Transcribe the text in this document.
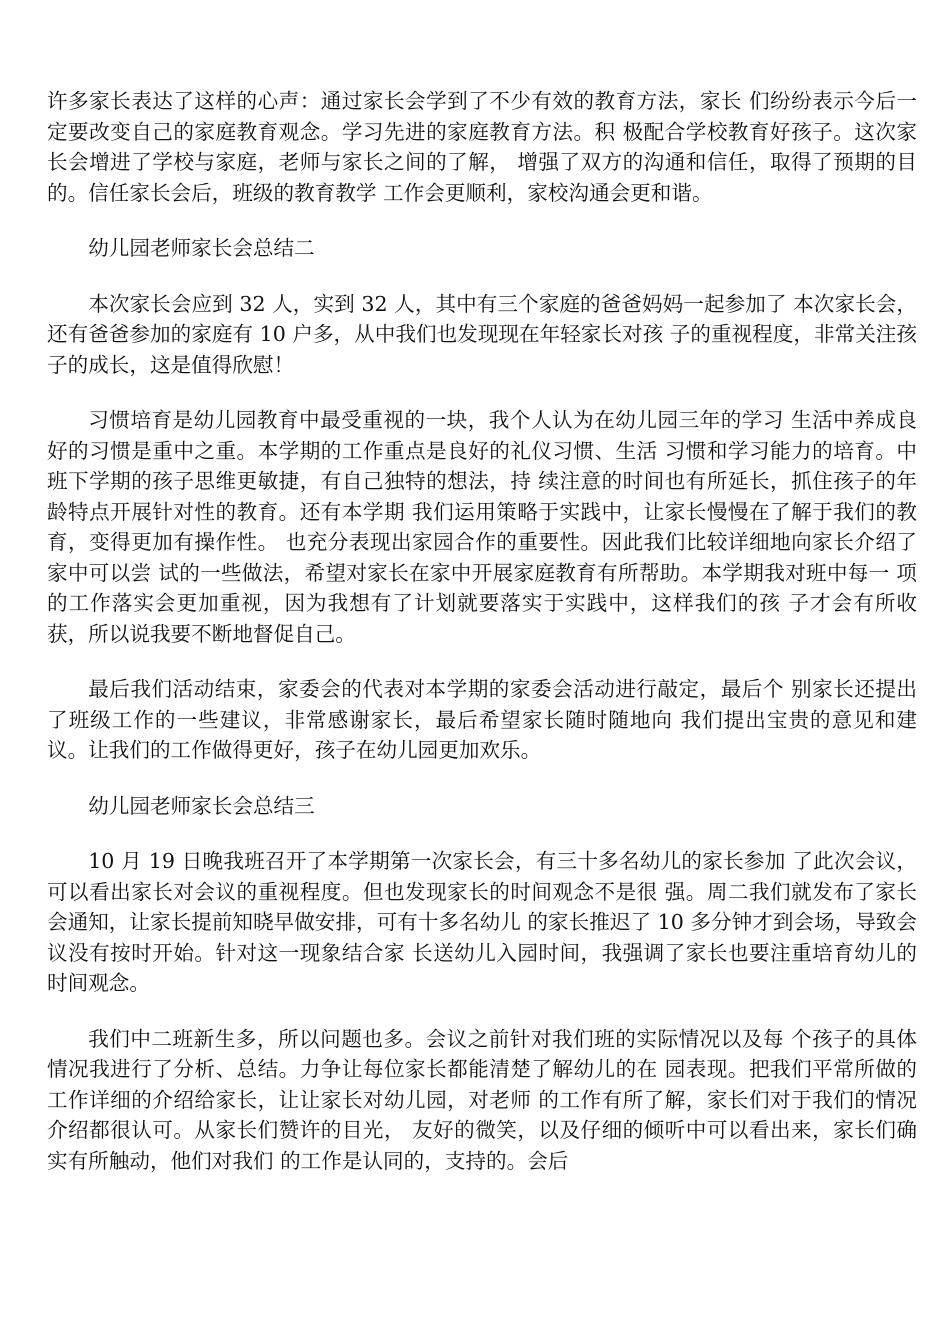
许多家长表达了这样的心声：通过家长会学到了不少有效的教育方法，家长 们纷纷表示今后一定要改变自己的家庭教育观念。学习先进的家庭教育方法。积 极配合学校教育好孩子。这次家长会增进了学校与家庭，老师与家长之间的了解， 增强了双方的沟通和信任，取得了预期的目的。信任家长会后，班级的教育教学 工作会更顺利，家校沟通会更和谐。

幼儿园老师家长会总结二

本次家长会应到 32 人，实到 32 人，其中有三个家庭的爸爸妈妈一起参加了 本次家长会，还有爸爸参加的家庭有 10 户多，从中我们也发现现在年轻家长对孩 子的重视程度，非常关注孩子的成长，这是值得欣慰！

习惯培育是幼儿园教育中最受重视的一块，我个人认为在幼儿园三年的学习 生活中养成良好的习惯是重中之重。本学期的工作重点是良好的礼仪习惯、生活 习惯和学习能力的培育。中班下学期的孩子思维更敏捷，有自己独特的想法，持 续注意的时间也有所延长，抓住孩子的年龄特点开展针对性的教育。还有本学期 我们运用策略于实践中，让家长慢慢在了解于我们的教育，变得更加有操作性。 也充分表现出家园合作的重要性。因此我们比较详细地向家长介绍了家中可以尝 试的一些做法，希望对家长在家中开展家庭教育有所帮助。本学期我对班中每一 项的工作落实会更加重视，因为我想有了计划就要落实于实践中，这样我们的孩 子才会有所收获，所以说我要不断地督促自己。

最后我们活动结束，家委会的代表对本学期的家委会活动进行敲定，最后个 别家长还提出了班级工作的一些建议，非常感谢家长，最后希望家长随时随地向 我们提出宝贵的意见和建议。让我们的工作做得更好，孩子在幼儿园更加欢乐。

幼儿园老师家长会总结三

10 月 19 日晚我班召开了本学期第一次家长会，有三十多名幼儿的家长参加 了此次会议，可以看出家长对会议的重视程度。但也发现家长的时间观念不是很 强。周二我们就发布了家长会通知，让家长提前知晓早做安排，可有十多名幼儿 的家长推迟了 10 多分钟才到会场，导致会议没有按时开始。针对这一现象结合家 长送幼儿入园时间，我强调了家长也要注重培育幼儿的时间观念。

我们中二班新生多，所以问题也多。会议之前针对我们班的实际情况以及每 个孩子的具体情况我进行了分析、总结。力争让每位家长都能清楚了解幼儿的在 园表现。把我们平常所做的工作详细的介绍给家长，让让家长对幼儿园，对老师 的工作有所了解，家长们对于我们的情况介绍都很认可。从家长们赞许的目光， 友好的微笑，以及仔细的倾听中可以看出来，家长们确实有所触动，他们对我们 的工作是认同的，支持的。会后
